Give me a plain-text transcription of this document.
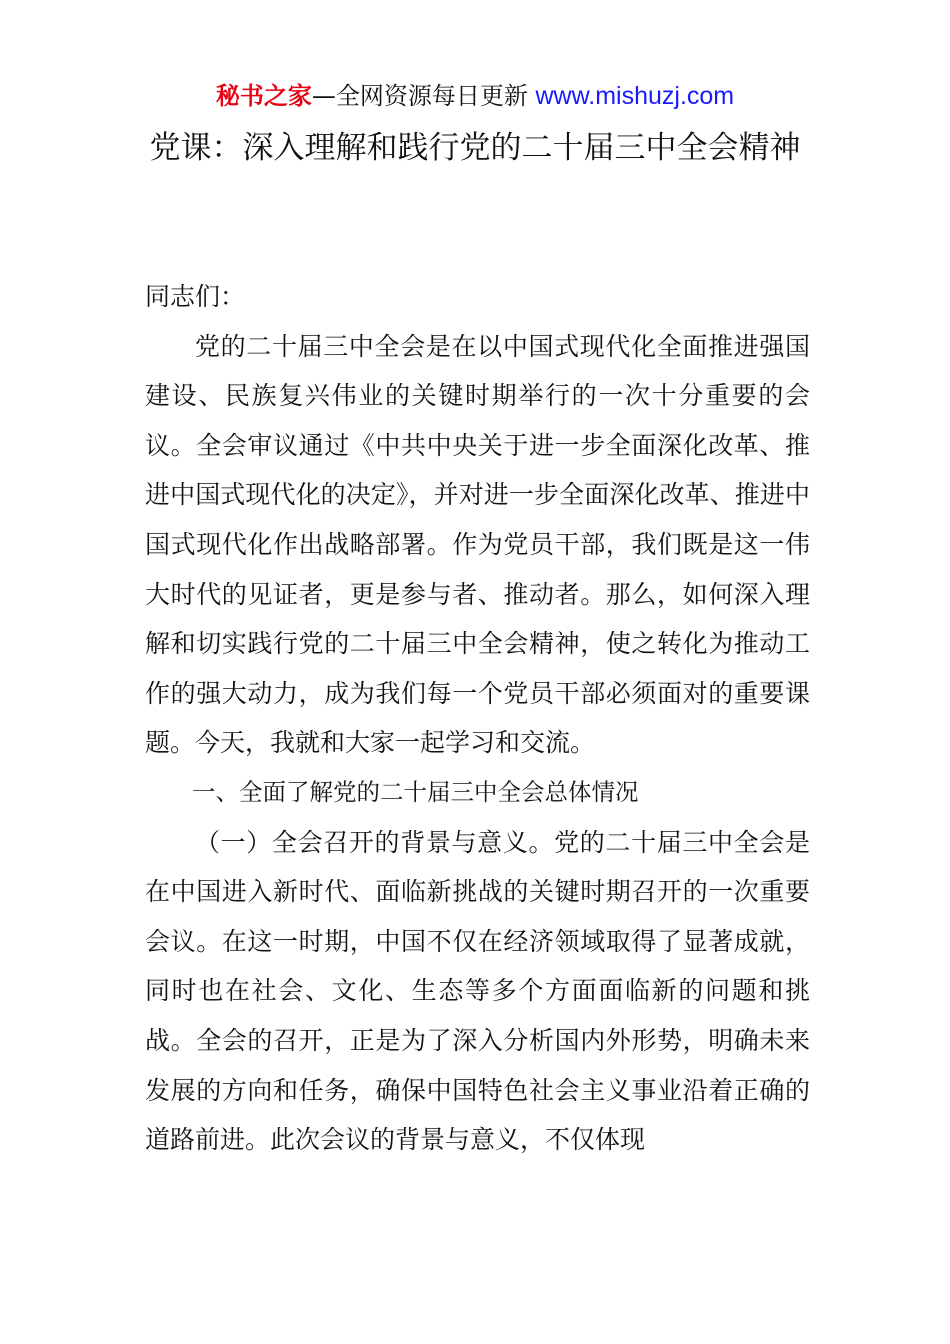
秘书之家—全网资源每日更新 www.mishuzj.com
党课：深入理解和践行党的二十届三中全会精神

同志们：

党的二十届三中全会是在以中国式现代化全面推进强国建设、民族复兴伟业的关键时期举行的一次十分重要的会议。全会审议通过《中共中央关于进一步全面深化改革、推进中国式现代化的决定》，并对进一步全面深化改革、推进中国式现代化作出战略部署。作为党员干部，我们既是这一伟大时代的见证者，更是参与者、推动者。那么，如何深入理解和切实践行党的二十届三中全会精神，使之转化为推动工作的强大动力，成为我们每一个党员干部必须面对的重要课题。今天，我就和大家一起学习和交流。

一、全面了解党的二十届三中全会总体情况

（一）全会召开的背景与意义。党的二十届三中全会是在中国进入新时代、面临新挑战的关键时期召开的一次重要会议。在这一时期，中国不仅在经济领域取得了显著成就，同时也在社会、文化、生态等多个方面面临新的问题和挑战。全会的召开，正是为了深入分析国内外形势，明确未来发展的方向和任务，确保中国特色社会主义事业沿着正确的道路前进。此次会议的背景与意义，不仅体现
